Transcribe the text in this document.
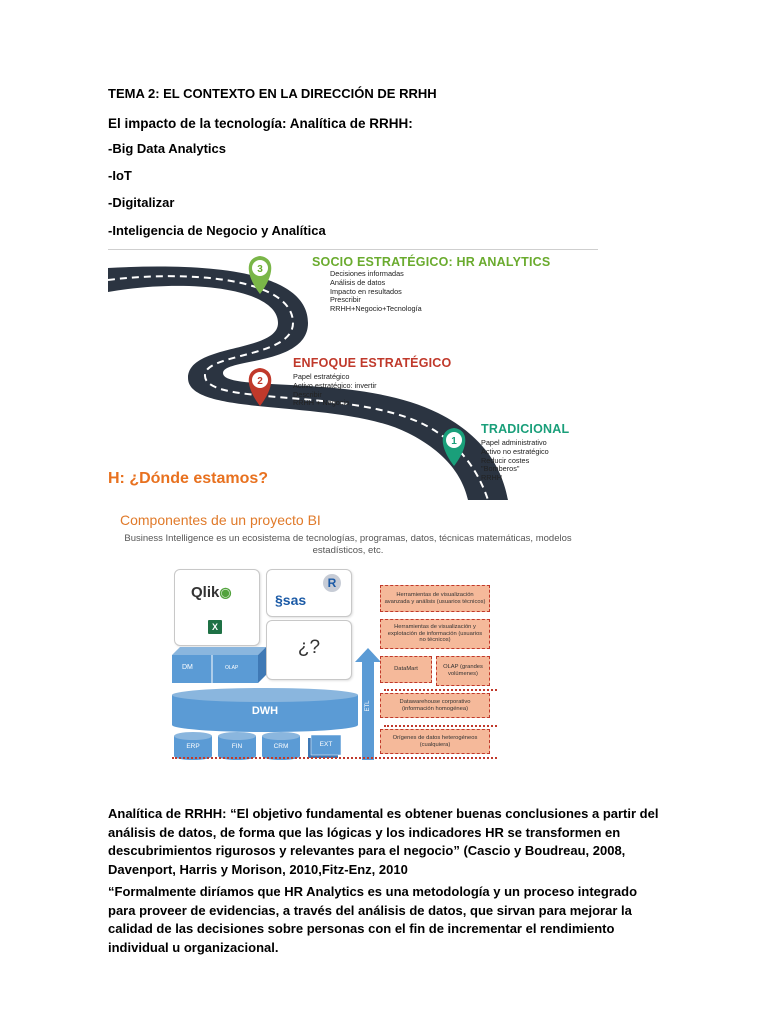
TEMA 2: EL CONTEXTO EN LA DIRECCIÓN DE RRHH

El impacto de la tecnología: Analítica de RRHH:

-Big Data Analytics

-IoT

-Digitalizar

-Inteligencia de Negocio y Analítica

3
2
1
SOCIO ESTRATÉGICO: HR ANALYTICS
Decisiones informadas
Análisis de datos
Impacto en resultados
Prescribir
RRHH+Negocio+Tecnología
ENFOQUE ESTRATÉGICO
Papel estratégico
Activo estratégico: invertir
Describir
RRHH + Negocio
TRADICIONAL
Papel administrativo
Activo no estratégico
Reducir costes
"Bomberos"
RRHH
H: ¿Dónde estamos?
Componentes de un proyecto BI
Business Intelligence es un ecosistema de tecnologías, programas, datos, técnicas matemáticas, modelos estadísticos, etc.
Qlik◉
X
§sas
R
¿?
DM	OLAP
DWH
ERP	FIN	CRM	EXT
ETL
Herramientas de visualización avanzada y análisis (usuarios técnicos)
Herramientas de visualización y explotación de información (usuarios no técnicos)
DataMart	OLAP (grandes volúmenes)
Datawarehouse corporativo (información homogénea)
Orígenes de datos heterogéneos (cualquiera)

Analítica de RRHH: “El objetivo fundamental es obtener buenas conclusiones a partir del análisis de datos, de forma que las lógicas y los indicadores HR se transformen en descubrimientos rigurosos y relevantes para el negocio” (Cascio y Boudreau, 2008, Davenport, Harris y Morison, 2010,Fitz-Enz, 2010

“Formalmente diríamos que HR Analytics es una metodología y un proceso integrado para proveer de evidencias, a través del análisis de datos, que sirvan para mejorar la calidad de las decisiones sobre personas con el fin de incrementar el rendimiento individual u organizacional.
